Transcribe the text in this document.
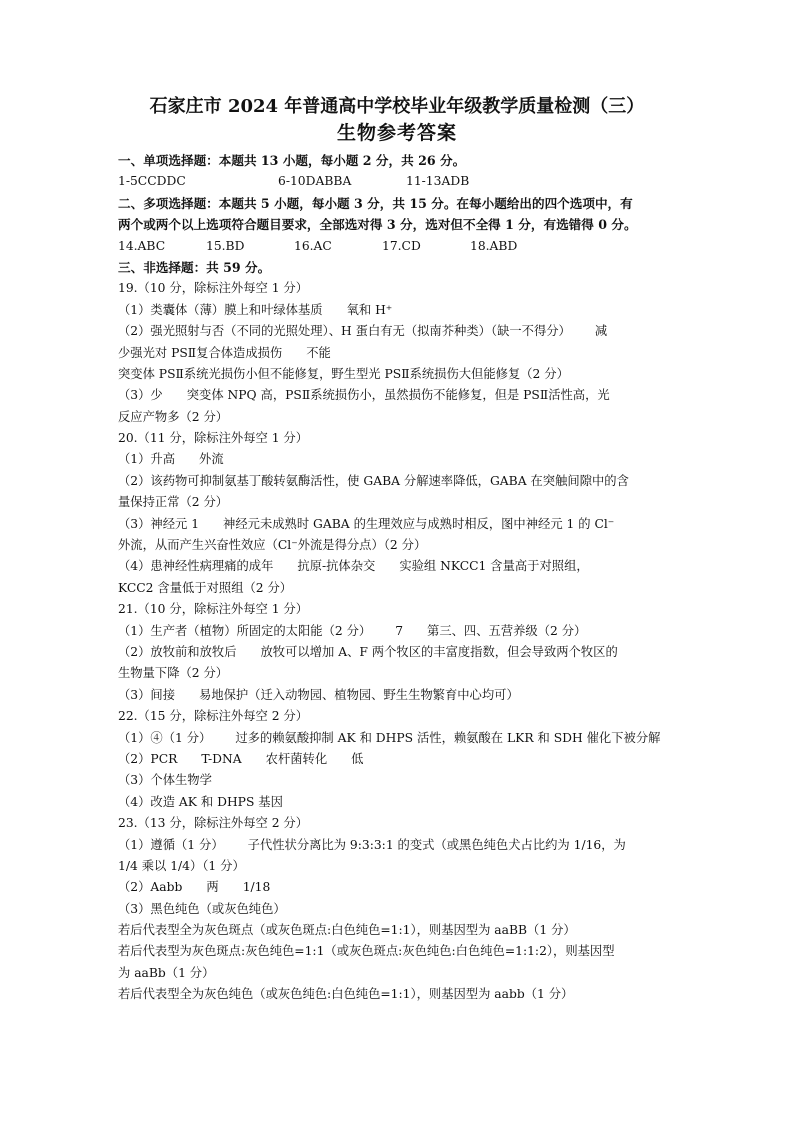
石家庄市 2024 年普通高中学校毕业年级教学质量检测（三）
生物参考答案
一、单项选择题：本题共 13 小题，每小题 2 分，共 26 分。
1-5CCDDC	6-10DABBA	11-13ADB
二、多项选择题：本题共 5 小题，每小题 3 分，共 15 分。在每小题给出的四个选项中，有
两个或两个以上选项符合题目要求，全部选对得 3 分，选对但不全得 1 分，有选错得 0 分。
14.ABC	15.BD	16.AC	17.CD	18.ABD
三、非选择题：共 59 分。
19.（10 分，除标注外每空 1 分）
（1）类囊体（薄）膜上和叶绿体基质 氧和 H⁺
（2）强光照射与否（不同的光照处理）、H 蛋白有无（拟南芥种类）（缺一不得分） 减
少强光对 PSⅡ复合体造成损伤 不能
突变体 PSⅡ系统光损伤小但不能修复，野生型光 PSⅡ系统损伤大但能修复（2 分）
（3）少 突变体 NPQ 高，PSⅡ系统损伤小，虽然损伤不能修复，但是 PSⅡ活性高，光
反应产物多（2 分）
20.（11 分，除标注外每空 1 分）
（1）升高 外流
（2）该药物可抑制氨基丁酸转氨酶活性，使 GABA 分解速率降低，GABA 在突触间隙中的含
量保持正常（2 分）
（3）神经元 1 神经元未成熟时 GABA 的生理效应与成熟时相反，图中神经元 1 的 Cl⁻
外流，从而产生兴奋性效应（Cl⁻外流是得分点）（2 分）
（4）患神经性病理痛的成年 抗原-抗体杂交 实验组 NKCC1 含量高于对照组，
KCC2 含量低于对照组（2 分）
21.（10 分，除标注外每空 1 分）
（1）生产者（植物）所固定的太阳能（2 分） 7 第三、四、五营养级（2 分）
（2）放牧前和放牧后 放牧可以增加 A、F 两个牧区的丰富度指数，但会导致两个牧区的
生物量下降（2 分）
（3）间接 易地保护（迁入动物园、植物园、野生生物繁育中心均可）
22.（15 分，除标注外每空 2 分）
（1）④（1 分） 过多的赖氨酸抑制 AK 和 DHPS 活性，赖氨酸在 LKR 和 SDH 催化下被分解
（2）PCR T-DNA 农杆菌转化 低
（3）个体生物学
（4）改造 AK 和 DHPS 基因
23.（13 分，除标注外每空 2 分）
（1）遵循（1 分） 子代性状分离比为 9:3:3:1 的变式（或黑色纯色犬占比约为 1/16，为
1/4 乘以 1/4）（1 分）
（2）Aabb 两 1/18
（3）黑色纯色（或灰色纯色）
若后代表型全为灰色斑点（或灰色斑点:白色纯色=1:1），则基因型为 aaBB（1 分）
若后代表型为灰色斑点:灰色纯色=1:1（或灰色斑点:灰色纯色:白色纯色=1:1:2），则基因型
为 aaBb（1 分）
若后代表型全为灰色纯色（或灰色纯色:白色纯色=1:1），则基因型为 aabb（1 分）
